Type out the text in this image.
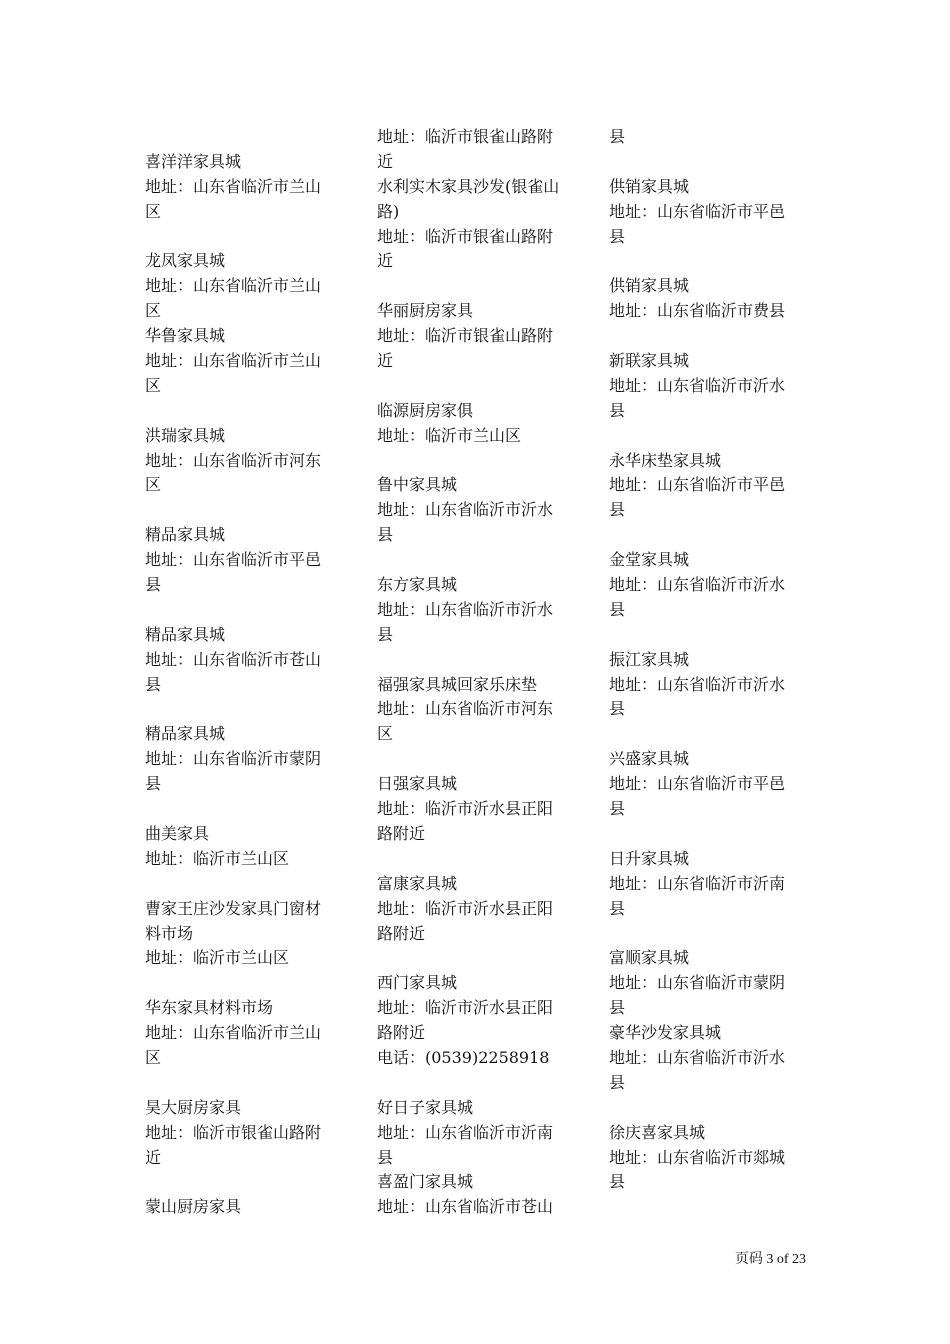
喜洋洋家具城
地址：山东省临沂市兰山
区
龙凤家具城
地址：山东省临沂市兰山
区
华鲁家具城
地址：山东省临沂市兰山
区
洪瑞家具城
地址：山东省临沂市河东
区
精品家具城
地址：山东省临沂市平邑
县
精品家具城
地址：山东省临沂市苍山
县
精品家具城
地址：山东省临沂市蒙阴
县
曲美家具
地址：临沂市兰山区
曹家王庄沙发家具门窗材
料市场
地址：临沂市兰山区
华东家具材料市场
地址：山东省临沂市兰山
区
昊大厨房家具
地址：临沂市银雀山路附
近
蒙山厨房家具
地址：临沂市银雀山路附
近
水利实木家具沙发(银雀山
路)
地址：临沂市银雀山路附
近
华丽厨房家具
地址：临沂市银雀山路附
近
临源厨房家俱
地址：临沂市兰山区
鲁中家具城
地址：山东省临沂市沂水
县
东方家具城
地址：山东省临沂市沂水
县
福强家具城回家乐床垫
地址：山东省临沂市河东
区
日强家具城
地址：临沂市沂水县正阳
路附近
富康家具城
地址：临沂市沂水县正阳
路附近
西门家具城
地址：临沂市沂水县正阳
路附近
电话：(0539)2258918
好日子家具城
地址：山东省临沂市沂南
县
喜盈门家具城
地址：山东省临沂市苍山
县
供销家具城
地址：山东省临沂市平邑
县
供销家具城
地址：山东省临沂市费县
新联家具城
地址：山东省临沂市沂水
县
永华床垫家具城
地址：山东省临沂市平邑
县
金堂家具城
地址：山东省临沂市沂水
县
振江家具城
地址：山东省临沂市沂水
县
兴盛家具城
地址：山东省临沂市平邑
县
日升家具城
地址：山东省临沂市沂南
县
富顺家具城
地址：山东省临沂市蒙阴
县
豪华沙发家具城
地址：山东省临沂市沂水
县
徐庆喜家具城
地址：山东省临沂市郯城
县
页码 3 of 23
